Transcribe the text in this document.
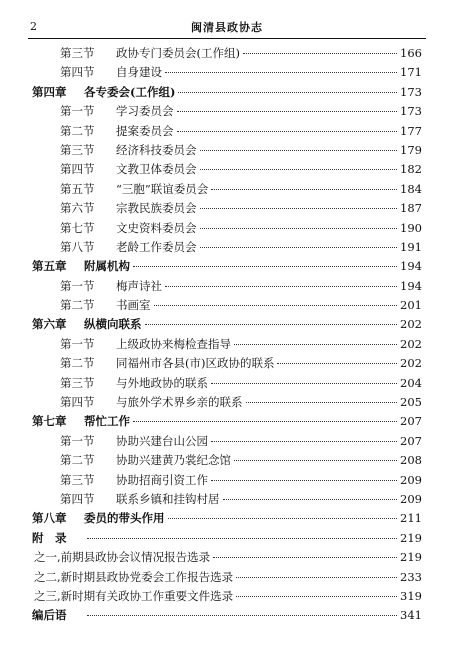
2	闽清县政协志
第三节	政协专门委员会(工作组)	166
第四节	自身建设	171
第四章	各专委会(工作组)	173
第一节	学习委员会	173
第二节	提案委员会	177
第三节	经济科技委员会	179
第四节	文教卫体委员会	182
第五节	“三胞”联谊委员会	184
第六节	宗教民族委员会	187
第七节	文史资料委员会	190
第八节	老龄工作委员会	191
第五章	附属机构	194
第一节	梅声诗社	194
第二节	书画室	201
第六章	纵横向联系	202
第一节	上级政协来梅检查指导	202
第二节	同福州市各县(市)区政协的联系	202
第三节	与外地政协的联系	204
第四节	与旅外学术界乡亲的联系	205
第七章	帮忙工作	207
第一节	协助兴建台山公园	207
第二节	协助兴建黄乃裳纪念馆	208
第三节	协助招商引资工作	209
第四节	联系乡镇和挂钩村居	209
第八章	委员的带头作用	211
附　录	219
之一,前期县政协会议情况报告选录	219
之二,新时期县政协党委会工作报告选录	233
之三,新时期有关政协工作重要文件选录	319
编后语	341
